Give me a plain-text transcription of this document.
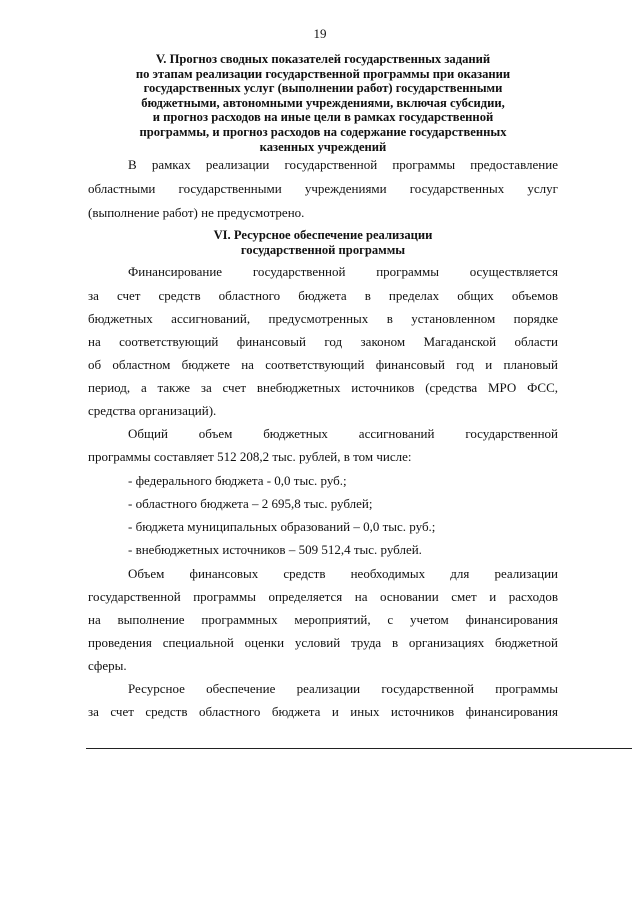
19
V. Прогноз сводных показателей государственных заданий
по этапам реализации государственной программы при оказании
государственных услуг (выполнении работ) государственными
бюджетными, автономными учреждениями, включая субсидии,
и прогноз расходов на иные цели в рамках государственной
программы, и прогноз расходов на содержание государственных
казенных учреждений
В рамках реализации государственной программы предоставление
областными государственными учреждениями государственных услуг
(выполнение работ) не предусмотрено.
VI. Ресурсное обеспечение реализации
государственной программы
Финансирование государственной программы осуществляется
за счет средств областного бюджета в пределах общих объемов
бюджетных ассигнований, предусмотренных в установленном порядке
на соответствующий финансовый год законом Магаданской области
об областном бюджете на соответствующий финансовый год и плановый
период, а также за счет внебюджетных источников (средства МРО ФСС,
средства организаций).
Общий объем бюджетных ассигнований государственной
программы составляет 512 208,2 тыс. рублей, в том числе:
- федерального бюджета - 0,0 тыс. руб.;
- областного бюджета – 2 695,8 тыс. рублей;
- бюджета муниципальных образований – 0,0 тыс. руб.;
- внебюджетных источников – 509 512,4 тыс. рублей.
Объем финансовых средств необходимых для реализации
государственной программы определяется на основании смет и расходов
на выполнение программных мероприятий, с учетом финансирования
проведения специальной оценки условий труда в организациях бюджетной
сферы.
Ресурсное обеспечение реализации государственной программы
за счет средств областного бюджета и иных источников финансирования
